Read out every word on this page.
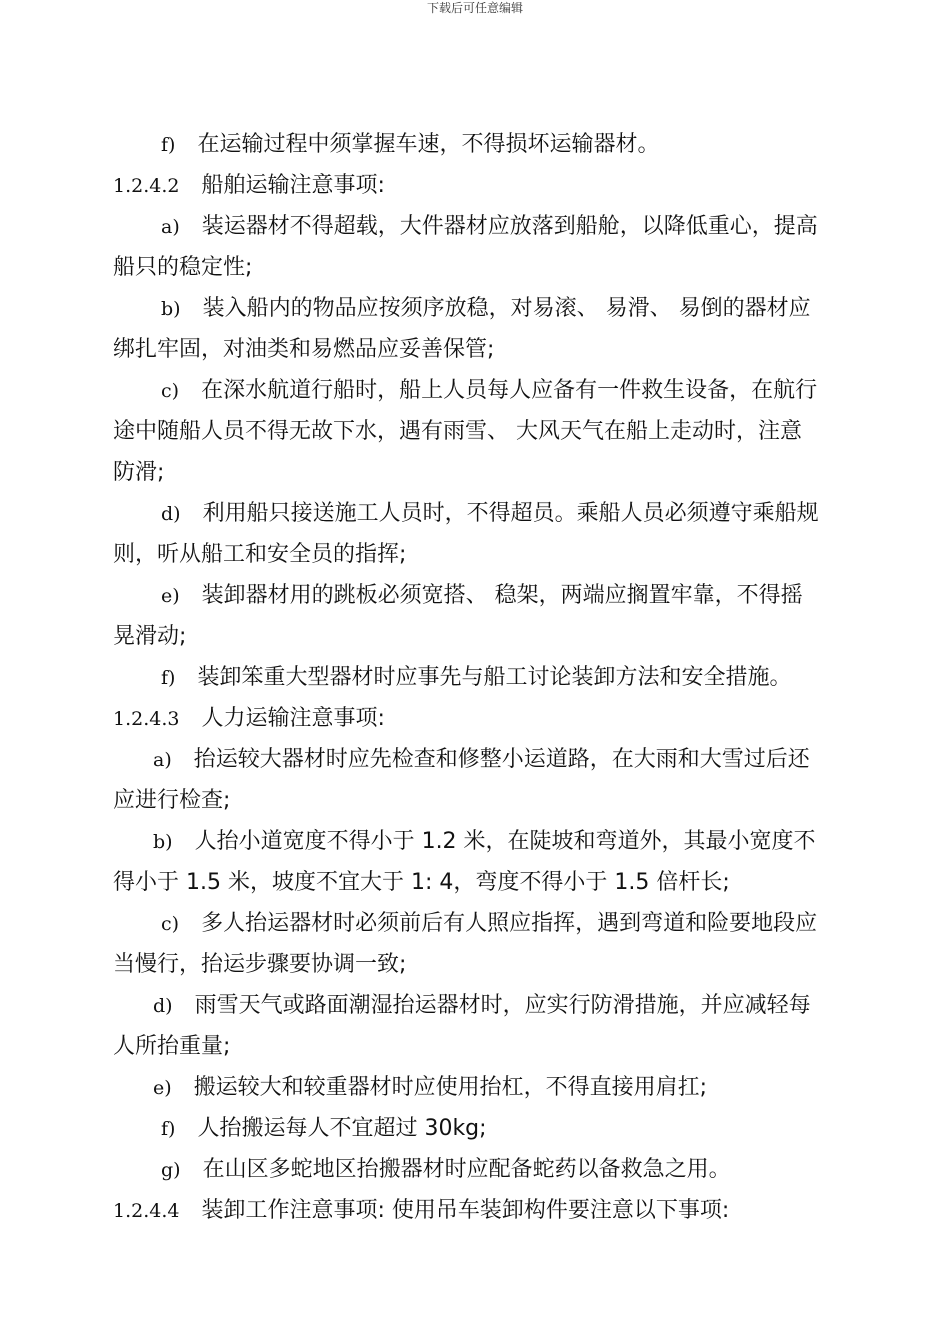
下载后可任意编辑
f) 在运输过程中须掌握车速，不得损坏运输器材。
1.2.4.2 船舶运输注意事项:
a) 装运器材不得超载，大件器材应放落到船舱，以降低重心，提高
船只的稳定性;
b) 装入船内的物品应按须序放稳，对易滚、 易滑、 易倒的器材应
绑扎牢固，对油类和易燃品应妥善保管;
c) 在深水航道行船时，船上人员每人应备有一件救生设备，在航行
途中随船人员不得无故下水，遇有雨雪、 大风天气在船上走动时，注意
防滑;
d) 利用船只接送施工人员时，不得超员。乘船人员必须遵守乘船规
则，听从船工和安全员的指挥;
e) 装卸器材用的跳板必须宽搭、 稳架，两端应搁置牢靠，不得摇
晃滑动;
f) 装卸笨重大型器材时应事先与船工讨论装卸方法和安全措施。
1.2.4.3 人力运输注意事项:
a) 抬运较大器材时应先检查和修整小运道路，在大雨和大雪过后还
应进行检查;
b) 人抬小道宽度不得小于 1.2 米，在陡坡和弯道外，其最小宽度不
得小于 1.5 米，坡度不宜大于 1: 4，弯度不得小于 1.5 倍杆长;
c) 多人抬运器材时必须前后有人照应指挥，遇到弯道和险要地段应
当慢行，抬运步骤要协调一致;
d) 雨雪天气或路面潮湿抬运器材时，应实行防滑措施，并应减轻每
人所抬重量;
e) 搬运较大和较重器材时应使用抬杠，不得直接用肩扛;
f) 人抬搬运每人不宜超过 30kg;
g) 在山区多蛇地区抬搬器材时应配备蛇药以备救急之用。
1.2.4.4 装卸工作注意事项: 使用吊车装卸构件要注意以下事项:
